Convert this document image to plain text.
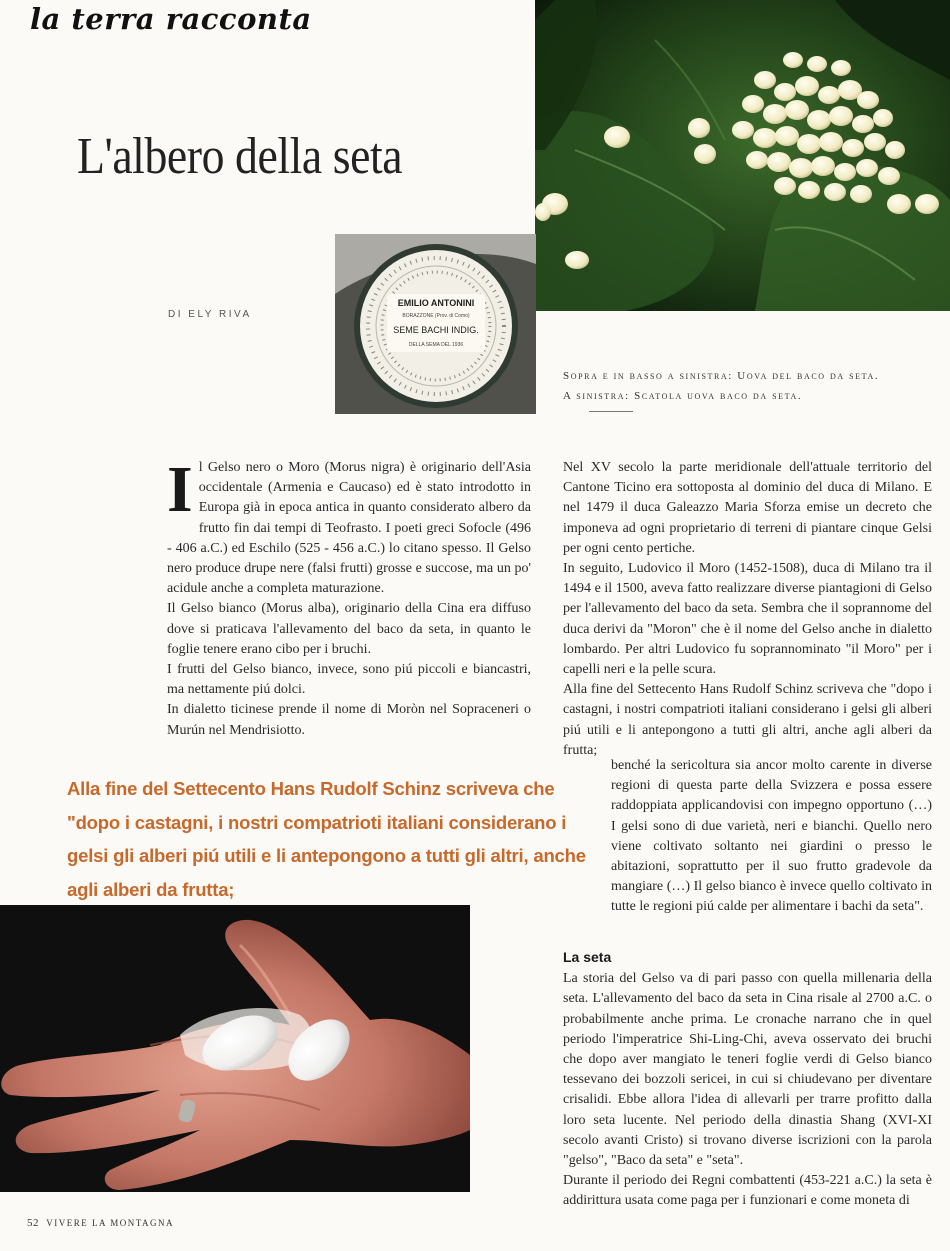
la terra racconta
L'albero della seta
DI ELY RIVA
EMILIO ANTONINI
BORAZZONE (Prov. di Como)
SEME BACHI INDIG.
DELLA SEMA DEL 1936
Sopra e in basso a sinistra: Uova del baco da seta.
A sinistra: Scatola uova baco da seta.
I l Gelso nero o Moro (Morus nigra) è originario dell'Asia occidentale (Armenia e Caucaso) ed è stato introdotto in Europa già in epoca antica in quanto considerato albero da frutto fin dai tempi di Teofrasto. I poeti greci Sofocle (496 - 406 a.C.) ed Eschilo (525 - 456 a.C.) lo citano spesso. Il Gelso nero produce drupe nere (falsi frutti) grosse e succose, ma un po' acidule anche a completa maturazione.

Il Gelso bianco (Morus alba), originario della Cina era diffuso dove si praticava l'allevamento del baco da seta, in quanto le foglie tenere erano cibo per i bruchi.

I frutti del Gelso bianco, invece, sono piú piccoli e biancastri, ma nettamente piú dolci.

In dialetto ticinese prende il nome di Moròn nel Sopraceneri o Murún nel Mendrisiotto.

Nel XV secolo la parte meridionale dell'attuale territorio del Cantone Ticino era sottoposta al dominio del duca di Milano. E nel 1479 il duca Galeazzo Maria Sforza emise un decreto che imponeva ad ogni proprietario di terreni di piantare cinque Gelsi per ogni cento pertiche.

In seguito, Ludovico il Moro (1452-1508), duca di Milano tra il 1494 e il 1500, aveva fatto realizzare diverse piantagioni di Gelso per l'allevamento del baco da seta. Sembra che il soprannome del duca derivi da "Moron" che è il nome del Gelso anche in dialetto lombardo. Per altri Ludovico fu soprannominato "il Moro" per i capelli neri e la pelle scura.

Alla fine del Settecento Hans Rudolf Schinz scriveva che "dopo i castagni, i nostri compatrioti italiani considerano i gelsi gli alberi piú utili e li antepongono a tutti gli altri, anche agli alberi da frutta;

benché la sericoltura sia ancor molto carente in diverse regioni di questa parte della Svizzera e possa essere raddoppiata applicandovisi con impegno opportuno (…) I gelsi sono di due varietà, neri e bianchi. Quello nero viene coltivato soltanto nei giardini o presso le abitazioni, soprattutto per il suo frutto gradevole da mangiare (…) Il gelso bianco è invece quello coltivato in tutte le regioni piú calde per alimentare i bachi da seta".

Alla fine del Settecento Hans Rudolf Schinz scriveva che "dopo i castagni, i nostri compatrioti italiani considerano i gelsi gli alberi piú utili e li antepongono a tutti gli altri, anche agli alberi da frutta;
La seta

La storia del Gelso va di pari passo con quella millenaria della seta. L'allevamento del baco da seta in Cina risale al 2700 a.C. o probabilmente anche prima. Le cronache narrano che in quel periodo l'imperatrice Shi-Ling-Chi, aveva osservato dei bruchi che dopo aver mangiato le teneri foglie verdi di Gelso bianco tessevano dei bozzoli sericei, in cui si chiudevano per diventare crisalidi. Ebbe allora l'idea di allevarli per trarre profitto dalla loro seta lucente. Nel periodo della dinastia Shang (XVI-XI secolo avanti Cristo) si trovano diverse iscrizioni con la parola "gelso", "Baco da seta" e "seta".

Durante il periodo dei Regni combattenti (453-221 a.C.) la seta è addirittura usata come paga per i funzionari e come moneta di

52 VIVERE LA MONTAGNA
